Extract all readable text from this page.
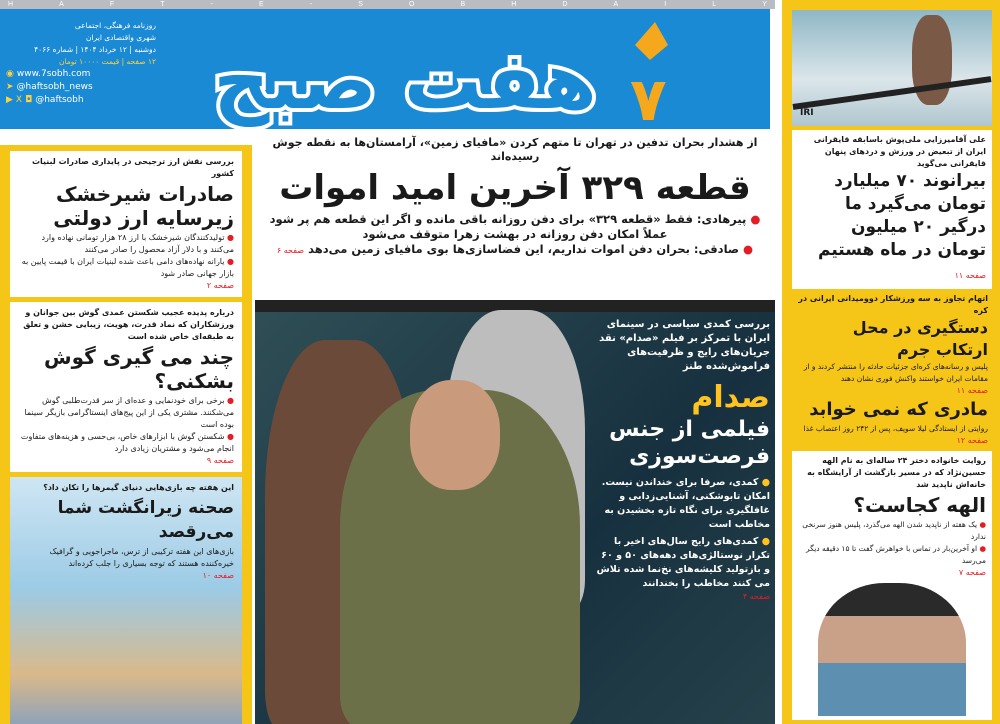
H	A	F	T	-	E	-	S	O	B	H	D	A	I	L	Y
روزنامه فرهنگی، اجتماعی
شهری واقتصادی ایران
دوشنبه | ۱۲ خرداد ۱۴۰۴ | شماره ۴۰۶۶
۱۲ صفحه | قیمت ۱۰۰۰۰ تومان
◉ www.7sobh.com
➤ @haftsobh_news
▶ X ◘ @haftsobh	هفت صبح ۷
از هشدار بحران تدفین در تهران تا متهم کردن «مافیای زمین»، آرامستان‌ها به نقطه جوش رسیده‌اند
قطعه ۳۲۹ آخرین امید اموات
● پیرهادی: فقط «قطعه ۳۲۹» برای دفن روزانه باقی مانده و اگر این قطعه هم پر شود عملاً امکان دفن روزانه در بهشت زهرا متوقف می‌شود
● صادقی: بحران دفن اموات نداریم، این فضاسازی‌ها بوی مافیای زمین می‌دهد صفحه ۶
بررسی کمدی سیاسی در سینمای ایران با تمرکز بر فیلم «صدام» نقد جریان‌های رایج و ظرفیت‌های فراموش‌شده طنز
صدام
فیلمی از جنس فرصت‌سوزی
● کمدی، صرفا برای خنداندن نیست. امکان تابوشکنی، آشنایی‌زدایی و غافلگیری برای نگاه تازه بخشیدن به مخاطب است
● کمدی‌های رایج سال‌های اخیر با تکرار نوستالژی‌های دهه‌های ۵۰ و ۶۰ و بازتولید کلیشه‌های نخ‌نما شده تلاش می کنند مخاطب را بخندانند
صفحه ۴
بررسی نقش ارز ترجیحی در پایداری صادرات لبنیات کشور
صادرات شیرخشک زیرسایه ارز دولتی
● تولیدکنندگان شیرخشک با ارز ۲۸ هزار تومانی نهاده وارد می‌کنند و با دلار آزاد محصول را صادر می‌کنند
● یارانه نهاده‌های دامی باعث شده لبنیات ایران با قیمت پایین به بازار جهانی صادر شود
صفحه ۲
درباره پدیده عجیب شکستن عمدی گوش بین جوانان و ورزشکاران که نماد قدرت، هویت، زیبایی خشن و تعلق به طبقه‌ای خاص شده است
چند می گیری گوش بشکنی؟
● برخی برای خودنمایی و عده‌ای از سر قدرت‌طلبی گوش می‌شکنند. مشتری یکی از این پیج‌های اینستاگرامی بازیگر سینما بوده است
● شکستن گوش با ابزارهای خاص، بی‌حسی و هزینه‌های متفاوت انجام می‌شود و مشتریان زیادی دارد
صفحه ۹
این هفته چه بازی‌هایی دنیای گیمرها را تکان داد؟
صحنه زیرانگشت شما می‌رقصد
بازی‌های این هفته ترکیبی از ترس، ماجراجویی و گرافیک خیره‌کننده هستند که توجه بسیاری را جلب کرده‌اند
صفحه ۱۰
IRI
علی آقامیرزایی ملی‌پوش باسابقه قایقرانی ایران از تبعیض در ورزش و دردهای پنهان قایقرانی می‌گوید
بیرانوند ۷۰ میلیارد تومان می‌گیرد ما درگیر ۲۰ میلیون تومان در ماه هستیم صفحه ۱۱
اتهام تجاوز به سه ورزشکار دوومیدانی ایرانی در کره
دستگیری در محل ارتکاب جرم
پلیس و رسانه‌های کره‌ای جزئیات حادثه را منتشر کردند و از مقامات ایران خواستند واکنش فوری نشان دهند
صفحه ۱۱
مادری که نمی خوابد
روایتی از ایستادگی لیلا سویف، پس از ۲۴۲ روز اعتصاب غذا
صفحه ۱۲
روایت خانواده دختر ۲۴ ساله‌ای به نام الهه حسین‌نژاد که در مسیر بازگشت از آرایشگاه به خانه‌اش ناپدید شد
الهه کجاست؟
● یک هفته از ناپدید شدن الهه می‌گذرد، پلیس هنوز سرنخی ندارد
● او آخرین‌بار در تماس با خواهرش گفت تا ۱۵ دقیقه دیگر می‌رسد
صفحه ۷
